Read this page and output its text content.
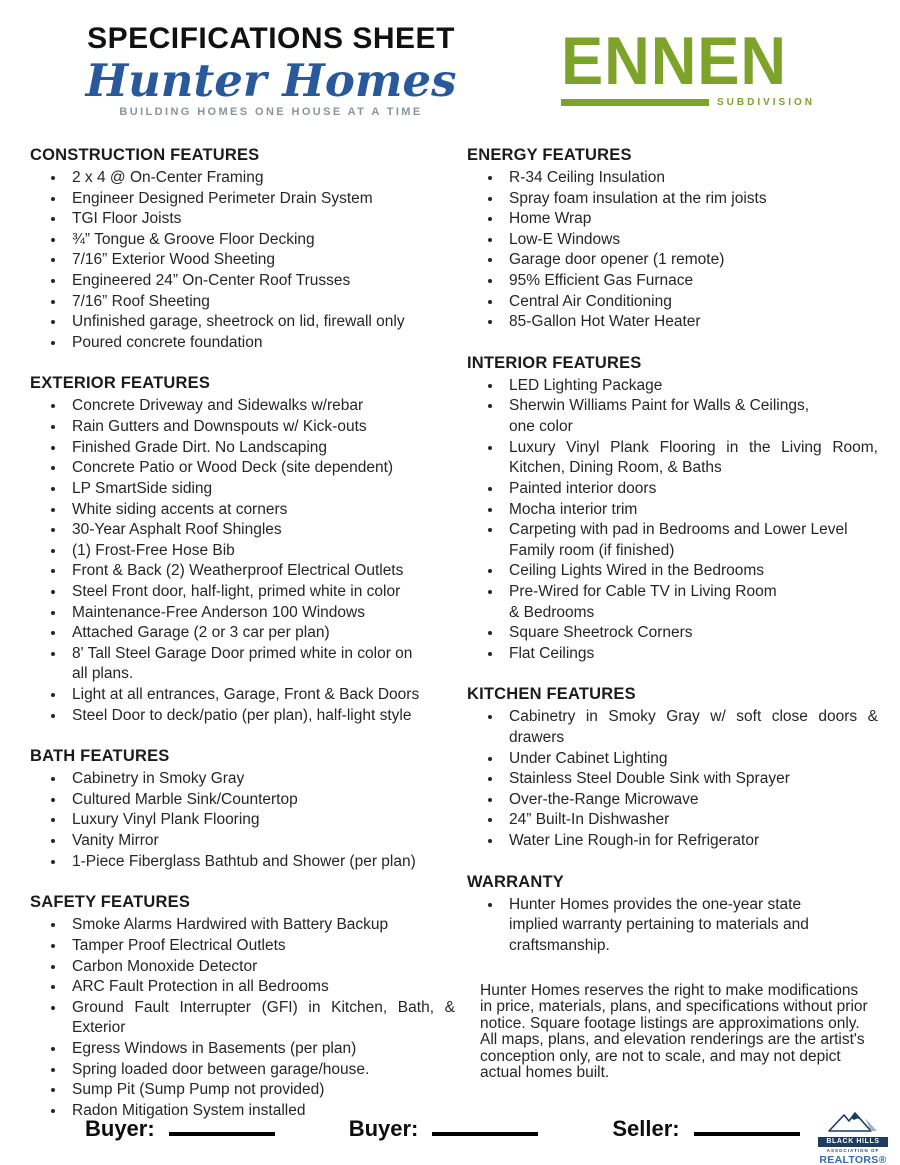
SPECIFICATIONS SHEET
Hunter Homes
BUILDING HOMES ONE HOUSE AT A TIME
ENNEN
SUBDIVISION
CONSTRUCTION FEATURES
• 2 x 4 @ On-Center Framing
• Engineer Designed Perimeter Drain System
• TGI Floor Joists
• ¾” Tongue & Groove Floor Decking
• 7/16” Exterior Wood Sheeting
• Engineered 24” On-Center Roof Trusses
• 7/16” Roof Sheeting
• Unfinished garage, sheetrock on lid, firewall only
• Poured concrete foundation
EXTERIOR FEATURES
• Concrete Driveway and Sidewalks w/rebar
• Rain Gutters and Downspouts w/ Kick-outs
• Finished Grade Dirt. No Landscaping
• Concrete Patio or Wood Deck (site dependent)
• LP SmartSide siding
• White siding accents at corners
• 30-Year Asphalt Roof Shingles
• (1) Frost-Free Hose Bib
• Front & Back (2) Weatherproof Electrical Outlets
• Steel Front door, half-light, primed white in color
• Maintenance-Free Anderson 100 Windows
• Attached Garage (2 or 3 car per plan)
• 8' Tall Steel Garage Door primed white in color on
all plans.
• Light at all entrances, Garage, Front & Back Doors
• Steel Door to deck/patio (per plan), half-light style
BATH FEATURES
• Cabinetry in Smoky Gray
• Cultured Marble Sink/Countertop
• Luxury Vinyl Plank Flooring
• Vanity Mirror
• 1-Piece Fiberglass Bathtub and Shower (per plan)
SAFETY FEATURES
• Smoke Alarms Hardwired with Battery Backup
• Tamper Proof Electrical Outlets
• Carbon Monoxide Detector
• ARC Fault Protection in all Bedrooms
• Ground Fault Interrupter (GFI) in Kitchen, Bath, & Exterior
• Egress Windows in Basements (per plan)
• Spring loaded door between garage/house.
• Sump Pit (Sump Pump not provided)
• Radon Mitigation System installed
ENERGY FEATURES
• R-34 Ceiling Insulation
• Spray foam insulation at the rim joists
• Home Wrap
• Low-E Windows
• Garage door opener (1 remote)
• 95% Efficient Gas Furnace
• Central Air Conditioning
• 85-Gallon Hot Water Heater
INTERIOR FEATURES
• LED Lighting Package
• Sherwin Williams Paint for Walls & Ceilings,
one color
• Luxury Vinyl Plank Flooring in the Living Room, Kitchen, Dining Room, & Baths
• Painted interior doors
• Mocha interior trim
• Carpeting with pad in Bedrooms and Lower Level
Family room (if finished)
• Ceiling Lights Wired in the Bedrooms
• Pre-Wired for Cable TV in Living Room
& Bedrooms
• Square Sheetrock Corners
• Flat Ceilings
KITCHEN FEATURES
• Cabinetry in Smoky Gray w/ soft close doors & drawers
• Under Cabinet Lighting
• Stainless Steel Double Sink with Sprayer
• Over-the-Range Microwave
• 24” Built-In Dishwasher
• Water Line Rough-in for Refrigerator
WARRANTY
• Hunter Homes provides the one-year state
implied warranty pertaining to materials and
craftsmanship.

Hunter Homes reserves the right to make modifications in price, materials, plans, and specifications without prior notice. Square footage listings are approximations only. All maps, plans, and elevation renderings are the artist's conception only, are not to scale, and may not depict actual homes built.

Buyer:	Buyer:	Seller:
BLACK HILLS
ASSOCIATION OF
REALTORS®
